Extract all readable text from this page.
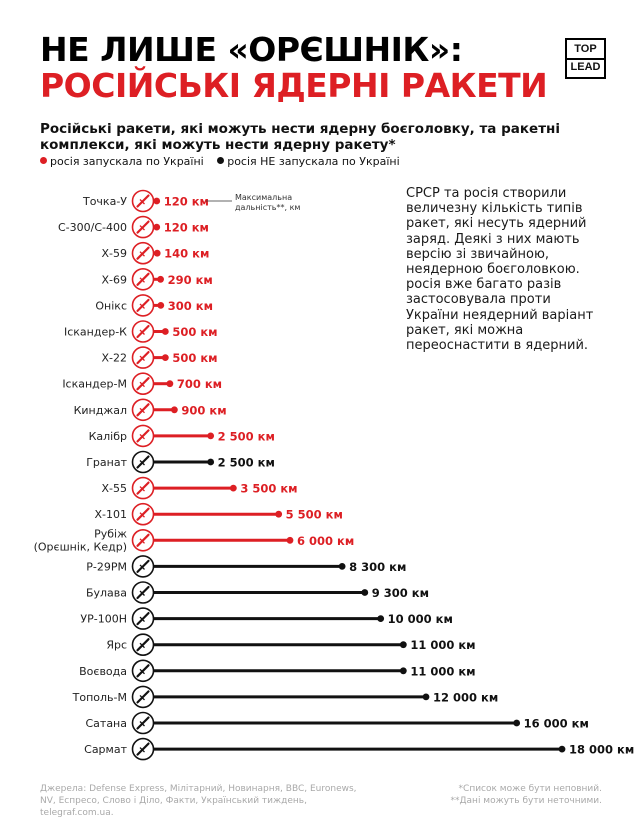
НЕ ЛИШЕ «ОРЄШНІК»:
РОСІЙСЬКІ ЯДЕРНІ РАКЕТИ
TOP
LEAD

Російські ракети, які можуть нести ядерну боєголовку, та ракетні комплекси, які можуть нести ядерну ракету*

росія запускала по Україні росія НЕ запускала по Україні

СРСР та росія створили величезну кількість типів ракет, які несуть ядерний заряд. Деякі з них мають версію зі звичайною, неядерною боєголовкою. росія вже багато разів застосовувала проти України неядерний варіант ракет, які можна переоснастити в ядерний.

120 км
Точка-У
120 км
С-300/С-400
140 км
Х-59
290 км
Х-69
300 км
Онікс
500 км
Іскандер-К
500 км
Х-22
700 км
Іскандер-М
900 км
Кинджал
2 500 км
Калібр
2 500 км
Гранат
3 500 км
Х-55
5 500 км
Х-101
6 000 км
Рубіж
(Орєшнік, Кедр)
8 300 км
Р-29РМ
9 300 км
Булава
10 000 км
УР-100Н
11 000 км
Ярс
11 000 км
Воєвода
12 000 км
Тополь-М
16 000 км
Сатана
18 000 км
Сармат
Максимальна
дальність**, км
Джерела: Defense Express, Мілітарний, Новинарня, BBC, Euronews, NV, Еспресо, Слово і Діло, Факти, Український тиждень, telegraf.com.ua.
*Список може бути неповний.
**Дані можуть бути неточними.
